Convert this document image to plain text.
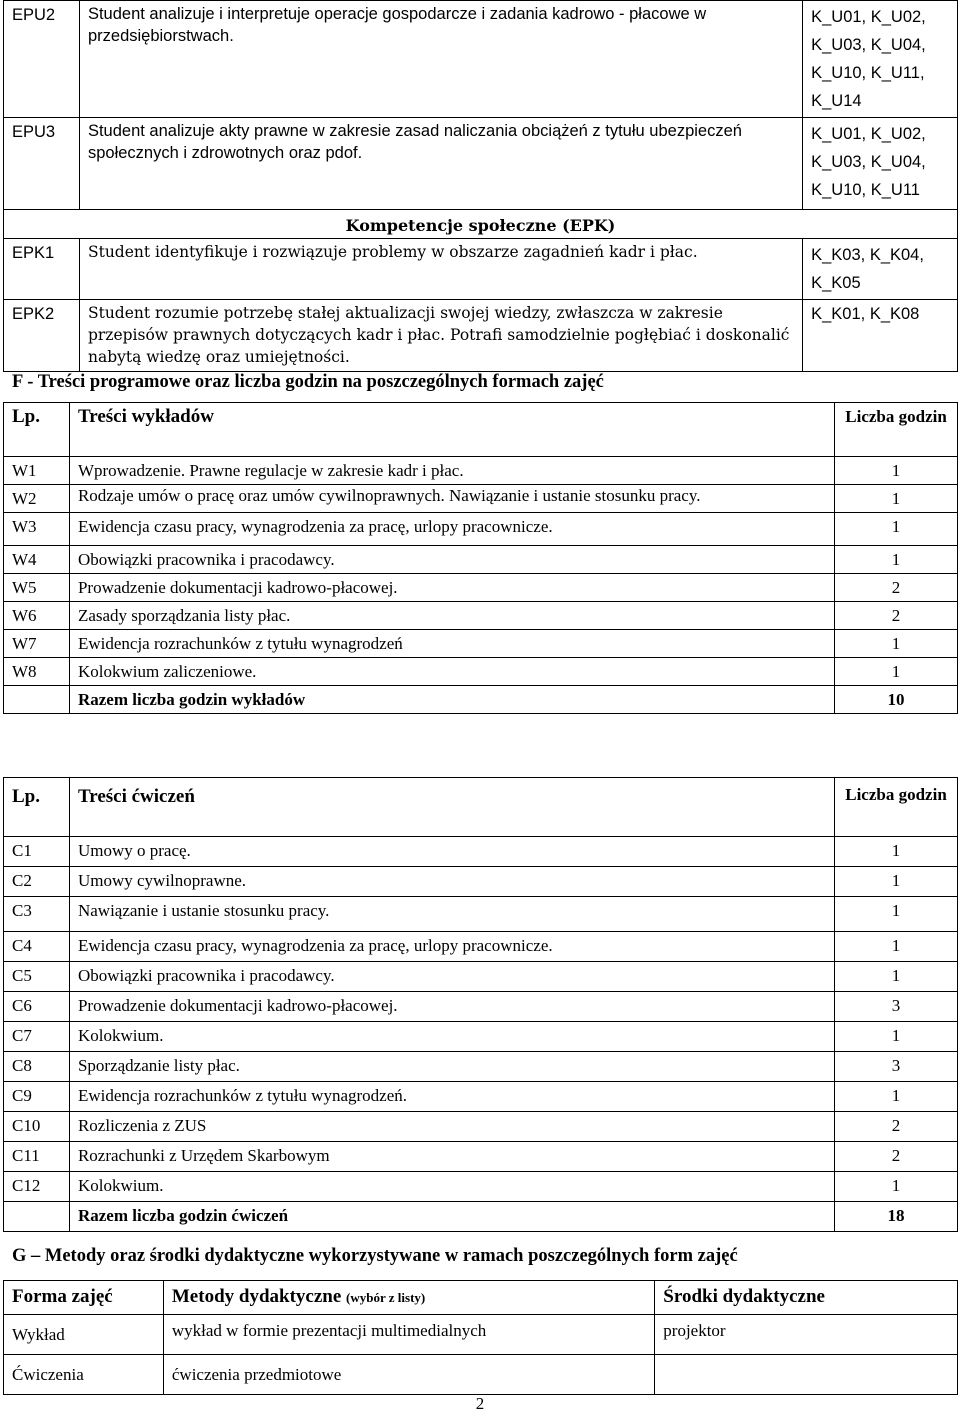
EPU2	Student analizuje i interpretuje operacje gospodarcze i zadania kadrowo - płacowe w przedsiębiorstwach.	K_U01, K_U02, K_U03, K_U04, K_U10, K_U11, K_U14
EPU3	Student analizuje akty prawne w zakresie zasad naliczania obciążeń z tytułu ubezpieczeń społecznych i zdrowotnych oraz pdof.	K_U01, K_U02, K_U03, K_U04, K_U10, K_U11
Kompetencje społeczne (EPK)		
EPK1	Student identyfikuje i rozwiązuje problemy w obszarze zagadnień kadr i płac.	K_K03, K_K04, K_K05
EPK2	Student rozumie potrzebę stałej aktualizacji swojej wiedzy, zwłaszcza w zakresie przepisów prawnych dotyczących kadr i płac. Potrafi samodzielnie pogłębiać i doskonalić nabytą wiedzę oraz umiejętności.	K_K01, K_K08
F - Treści programowe oraz liczba godzin na poszczególnych formach zajęć
Lp.	Treści wykładów	Liczba godzin
W1	Wprowadzenie. Prawne regulacje w zakresie kadr i płac.	1
W2	Rodzaje umów o pracę oraz umów cywilnoprawnych. Nawiązanie i ustanie stosunku pracy.	1
W3	Ewidencja czasu pracy, wynagrodzenia za pracę, urlopy pracownicze.	1
W4	Obowiązki pracownika i pracodawcy.	1
W5	Prowadzenie dokumentacji kadrowo-płacowej.	2
W6	Zasady sporządzania listy płac.	2
W7	Ewidencja rozrachunków z tytułu wynagrodzeń	1
W8	Kolokwium zaliczeniowe.	1
	Razem liczba godzin wykładów	10
Lp.	Treści ćwiczeń	Liczba godzin
C1	Umowy o pracę.	1
C2	Umowy cywilnoprawne.	1
C3	Nawiązanie i ustanie stosunku pracy.	1
C4	Ewidencja czasu pracy, wynagrodzenia za pracę, urlopy pracownicze.	1
C5	Obowiązki pracownika i pracodawcy.	1
C6	Prowadzenie dokumentacji kadrowo-płacowej.	3
C7	Kolokwium.	1
C8	Sporządzanie listy płac.	3
C9	Ewidencja rozrachunków z tytułu wynagrodzeń.	1
C10	Rozliczenia z ZUS	2
C11	Rozrachunki z Urzędem Skarbowym	2
C12	Kolokwium.	1
	Razem liczba godzin ćwiczeń	18
G – Metody oraz środki dydaktyczne wykorzystywane w ramach poszczególnych form zajęć
Forma zajęć	Metody dydaktyczne (wybór z listy)	Środki dydaktyczne
Wykład	wykład w formie prezentacji multimedialnych	projektor
Ćwiczenia	ćwiczenia przedmiotowe	
2
